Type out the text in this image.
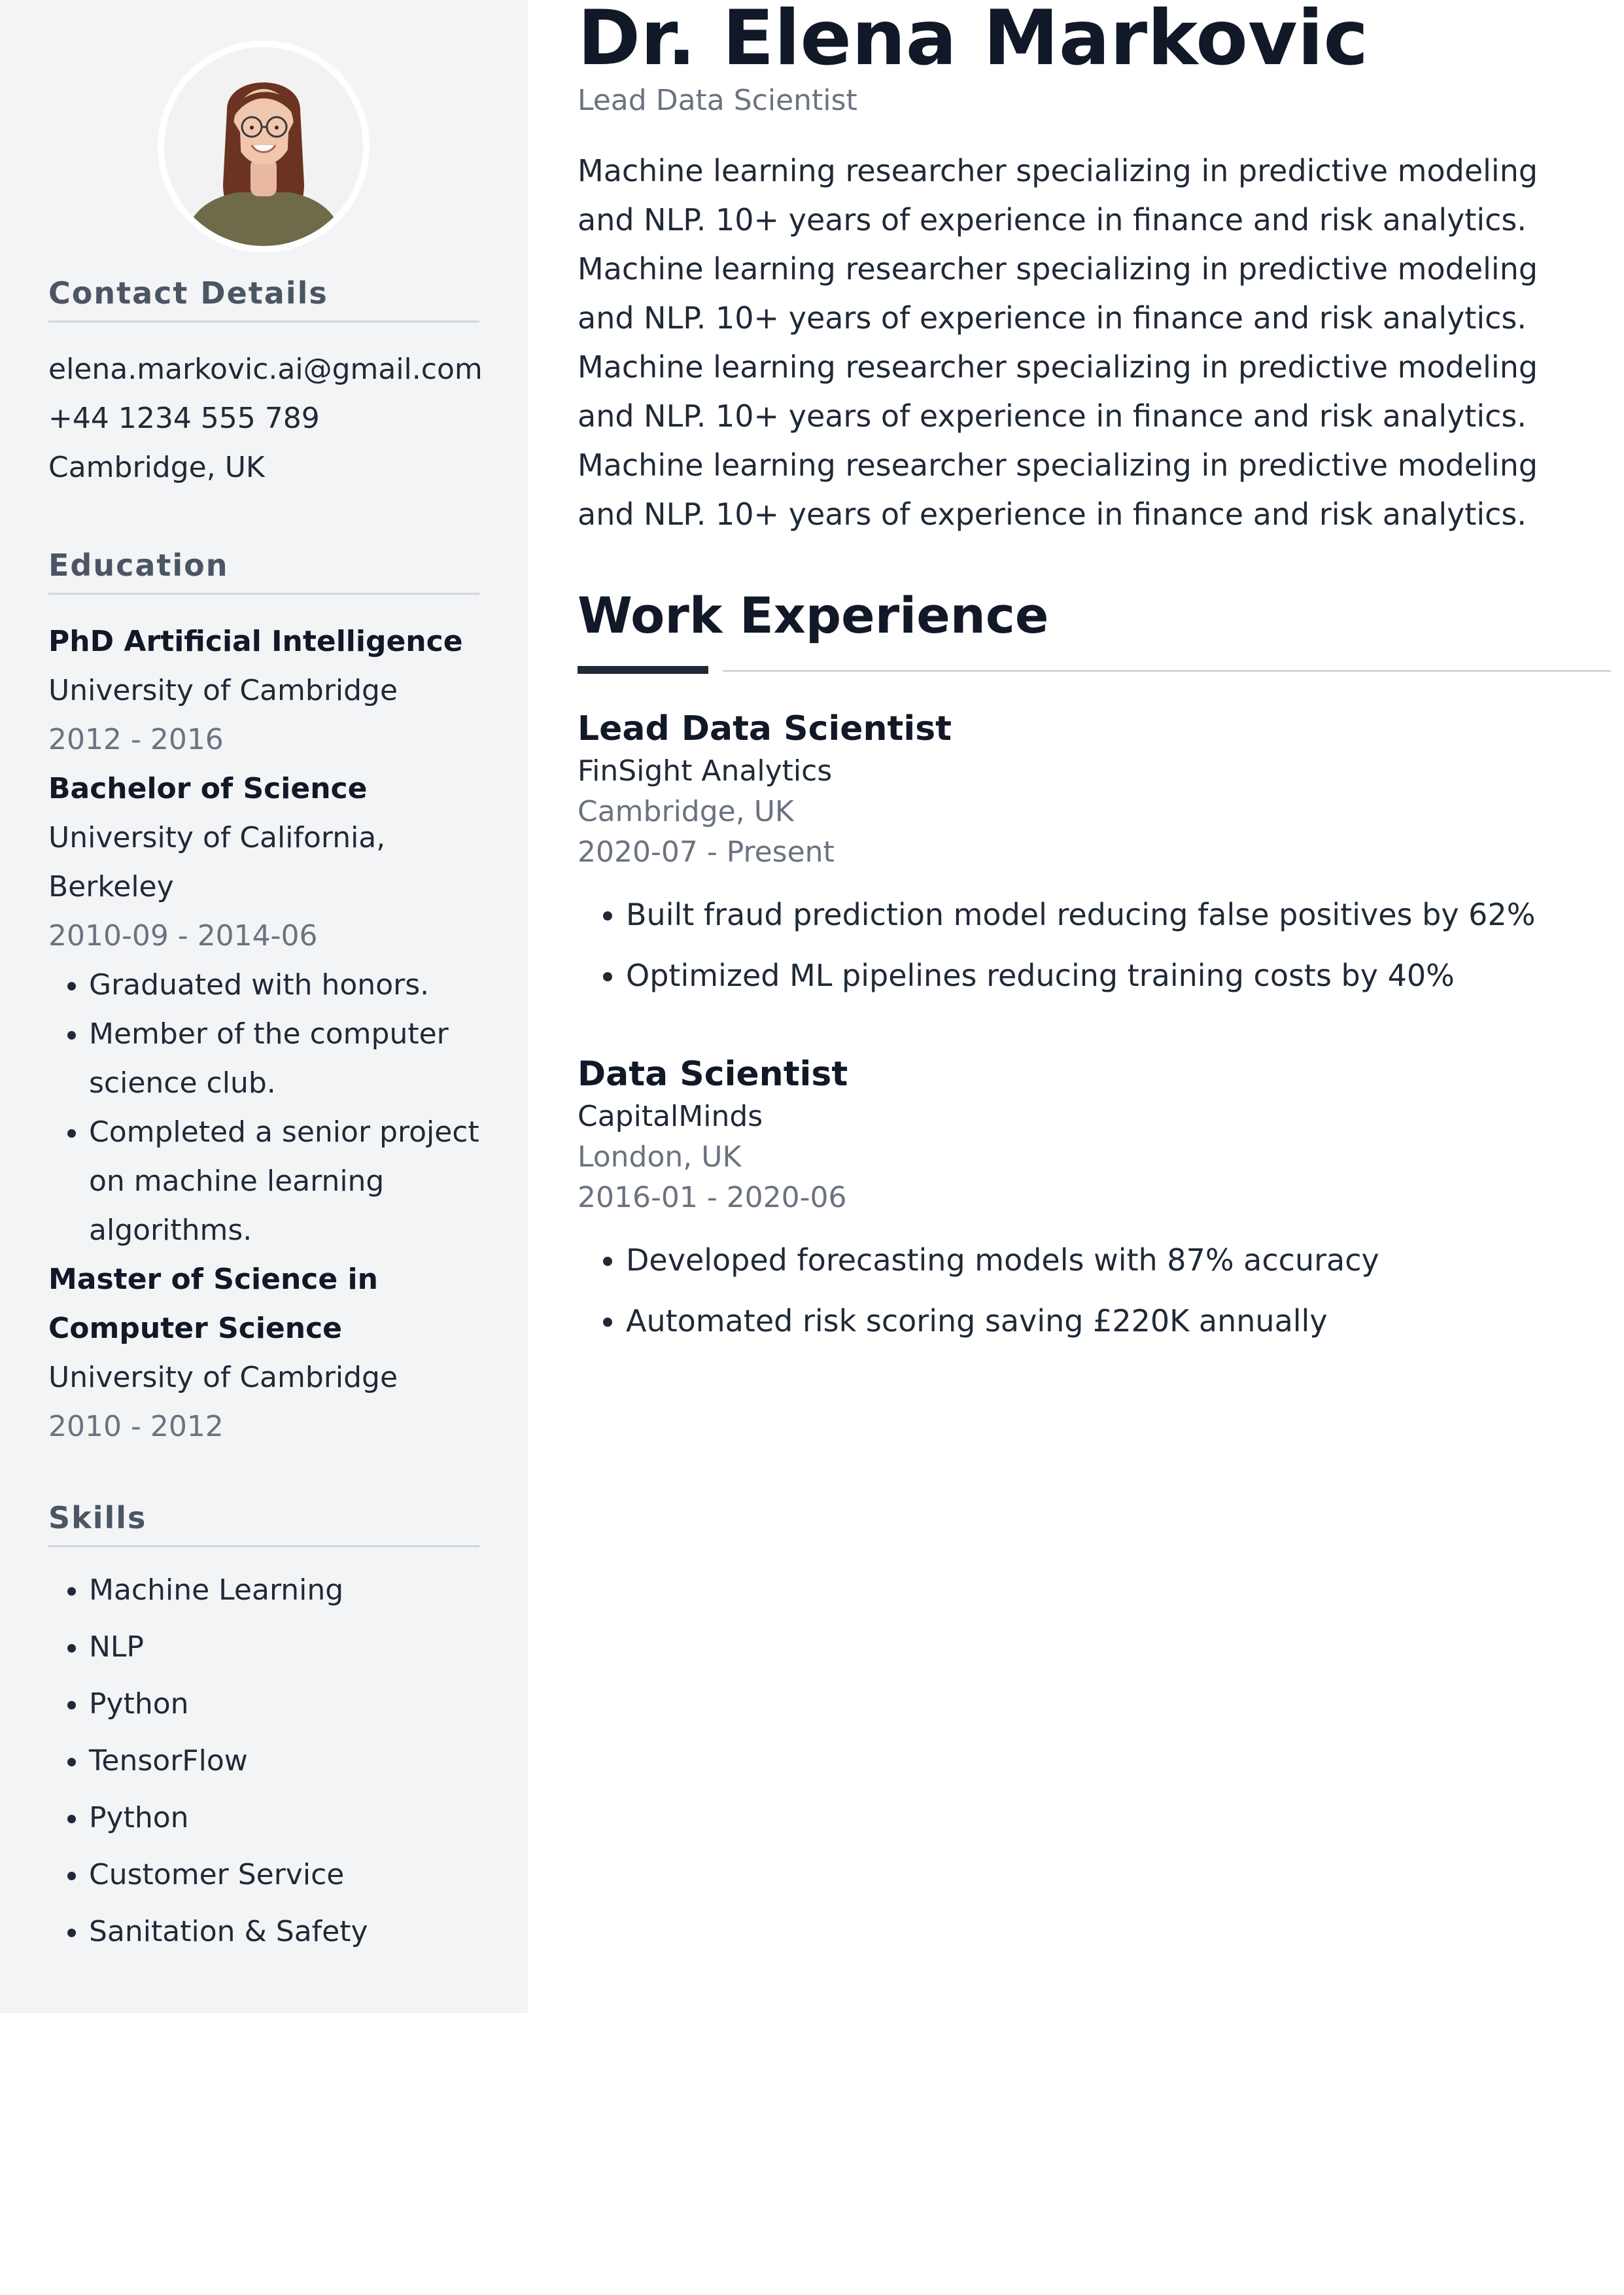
Contact Details

elena.markovic.ai@gmail.com

+44 1234 555 789

Cambridge, UK

Education

PhD Artificial Intelligence

University of Cambridge

2012 - 2016

Bachelor of Science

University of California, Berkeley

2010-09 - 2014-06

• Graduated with honors.
• Member of the computer science club.
• Completed a senior project on machine learning algorithms.

Master of Science in Computer Science

University of Cambridge

2010 - 2012

Skills
• Machine Learning
• NLP
• Python
• TensorFlow
• Python
• Customer Service
• Sanitation & Safety
Dr. Elena Markovic

Lead Data Scientist

Machine learning researcher specializing in predictive modeling and NLP. 10+ years of experience in finance and risk analytics. Machine learning researcher specializing in predictive modeling and NLP. 10+ years of experience in finance and risk analytics. Machine learning researcher specializing in predictive modeling and NLP. 10+ years of experience in finance and risk analytics. Machine learning researcher specializing in predictive modeling and NLP. 10+ years of experience in finance and risk analytics.

Work Experience

Lead Data Scientist

FinSight Analytics

Cambridge, UK

2020-07 - Present

• Built fraud prediction model reducing false positives by 62%
• Optimized ML pipelines reducing training costs by 40%

Data Scientist

CapitalMinds

London, UK

2016-01 - 2020-06

• Developed forecasting models with 87% accuracy
• Automated risk scoring saving £220K annually
